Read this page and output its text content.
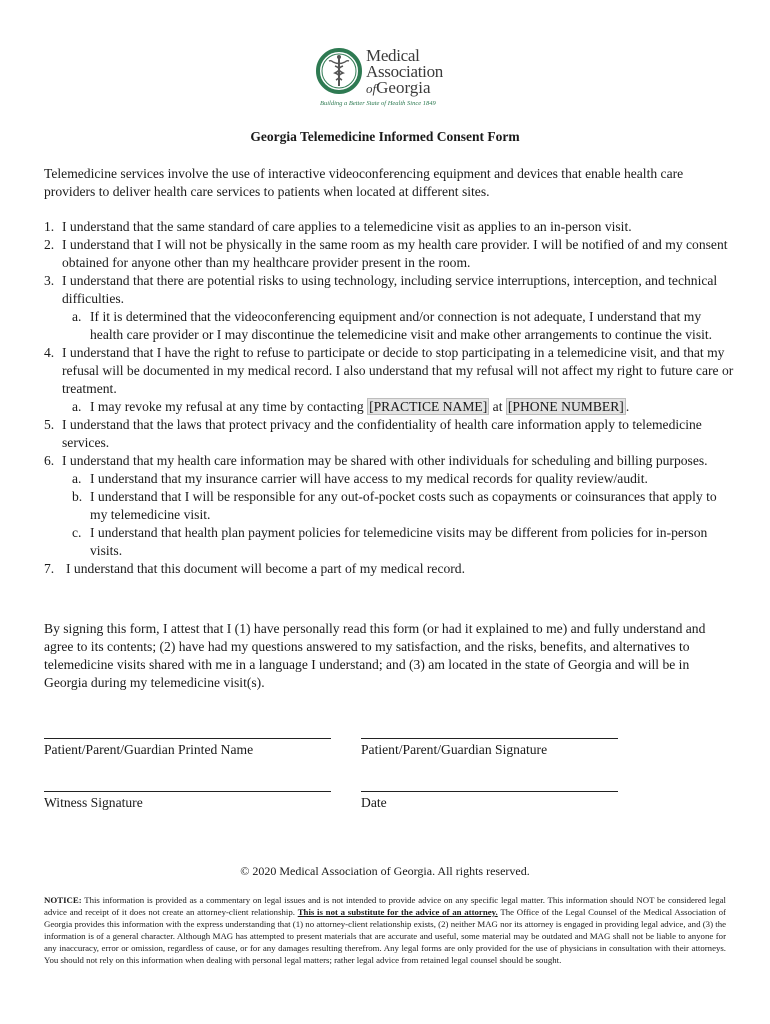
Medical
Association
ofGeorgia
Building a Better State of Health Since 1849
Georgia Telemedicine Informed Consent Form
Telemedicine services involve the use of interactive videoconferencing equipment and devices that enable health care providers to deliver health care services to patients when located at different sites.
1. I understand that the same standard of care applies to a telemedicine visit as applies to an in-person visit.
2. I understand that I will not be physically in the same room as my health care provider. I will be notified of and my consent obtained for anyone other than my healthcare provider present in the room.
3. I understand that there are potential risks to using technology, including service interruptions, interception, and technical difficulties.
a. If it is determined that the videoconferencing equipment and/or connection is not adequate, I understand that my health care provider or I may discontinue the telemedicine visit and make other arrangements to continue the visit.
4. I understand that I have the right to refuse to participate or decide to stop participating in a telemedicine visit, and that my refusal will be documented in my medical record. I also understand that my refusal will not affect my right to future care or treatment.
a. I may revoke my refusal at any time by contacting [PRACTICE NAME] at [PHONE NUMBER] .
5. I understand that the laws that protect privacy and the confidentiality of health care information apply to telemedicine services.
6. I understand that my health care information may be shared with other individuals for scheduling and billing purposes.
a. I understand that my insurance carrier will have access to my medical records for quality review/audit.
b. I understand that I will be responsible for any out-of-pocket costs such as copayments or coinsurances that apply to my telemedicine visit.
c. I understand that health plan payment policies for telemedicine visits may be different from policies for in-person visits.
7. I understand that this document will become a part of my medical record.
By signing this form, I attest that I (1) have personally read this form (or had it explained to me) and fully understand and agree to its contents; (2) have had my questions answered to my satisfaction, and the risks, benefits, and alternatives to telemedicine visits shared with me in a language I understand; and (3) am located in the state of Georgia and will be in Georgia during my telemedicine visit(s).
Patient/Parent/Guardian Printed Name	Patient/Parent/Guardian Signature
Witness Signature	Date
© 2020 Medical Association of Georgia. All rights reserved.
NOTICE: This information is provided as a commentary on legal issues and is not intended to provide advice on any specific legal matter. This information should NOT be considered legal advice and receipt of it does not create an attorney-client relationship. This is not a substitute for the advice of an attorney. The Office of the Legal Counsel of the Medical Association of Georgia provides this information with the express understanding that (1) no attorney-client relationship exists, (2) neither MAG nor its attorney is engaged in providing legal advice, and (3) the information is of a general character. Although MAG has attempted to present materials that are accurate and useful, some material may be outdated and MAG shall not be liable to anyone for any inaccuracy, error or omission, regardless of cause, or for any damages resulting therefrom. Any legal forms are only provided for the use of physicians in consultation with their attorneys. You should not rely on this information when dealing with personal legal matters; rather legal advice from retained legal counsel should be sought.
